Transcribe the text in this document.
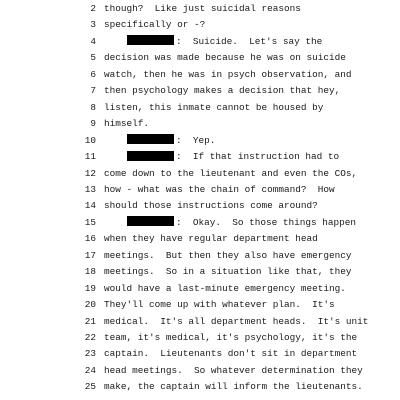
2 though?  Like just suicidal reasons
3 specifically or -?
4	:  Suicide.  Let's say the
5 decision was made because he was on suicide
6 watch, then he was in psych observation, and
7 then psychology makes a decision that hey,
8 listen, this inmate cannot be housed by
9 himself.
10	:  Yep.
11	:  If that instruction had to
12 come down to the lieutenant and even the COs,
13 how - what was the chain of command?  How
14 should those instructions come around?
15	:  Okay.  So those things happen
16 when they have regular department head
17 meetings.  But then they also have emergency
18 meetings.  So in a situation like that, they
19 would have a last-minute emergency meeting.
20 They'll come up with whatever plan.  It's
21 medical.  It's all department heads.  It's unit
22 team, it's medical, it's psychology, it's the
23 captain.  Lieutenants don't sit in department
24 head meetings.  So whatever determination they
25 make, the captain will inform the lieutenants.
